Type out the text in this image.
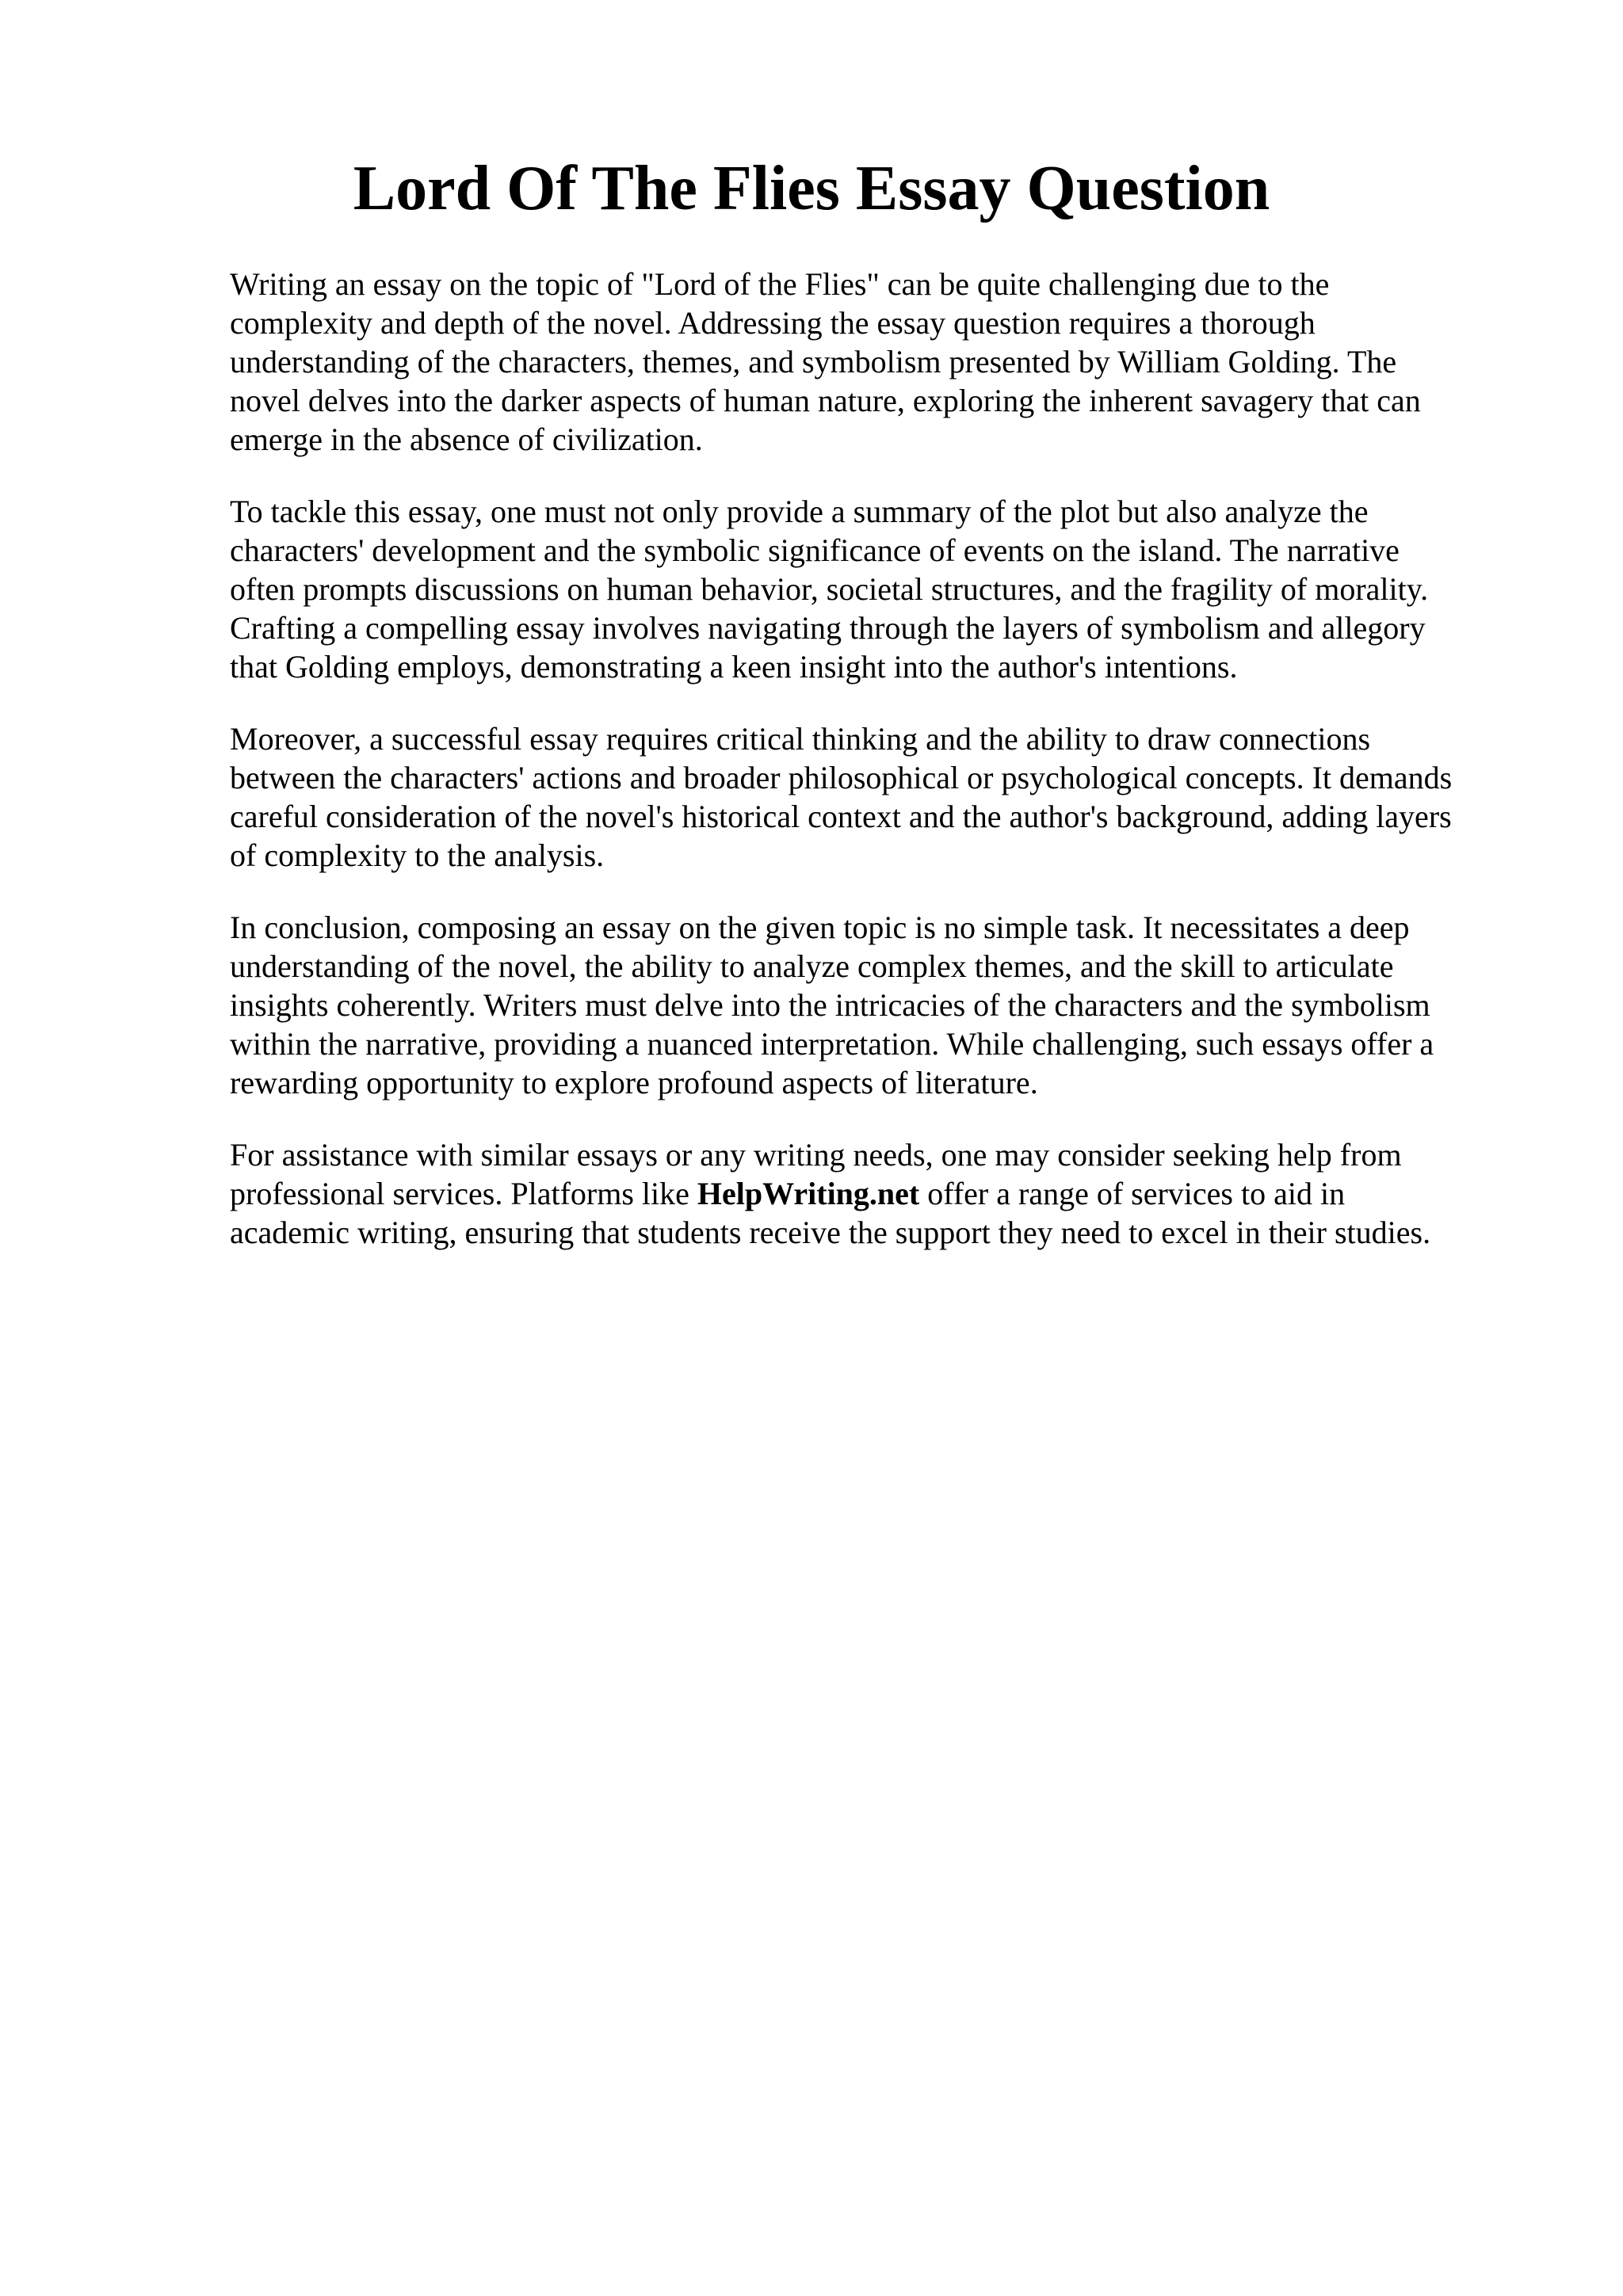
Lord Of The Flies Essay Question

Writing an essay on the topic of "Lord of the Flies" can be quite challenging due to the
complexity and depth of the novel. Addressing the essay question requires a thorough
understanding of the characters, themes, and symbolism presented by William Golding. The
novel delves into the darker aspects of human nature, exploring the inherent savagery that can
emerge in the absence of civilization.

To tackle this essay, one must not only provide a summary of the plot but also analyze the
characters' development and the symbolic significance of events on the island. The narrative
often prompts discussions on human behavior, societal structures, and the fragility of morality.
Crafting a compelling essay involves navigating through the layers of symbolism and allegory
that Golding employs, demonstrating a keen insight into the author's intentions.

Moreover, a successful essay requires critical thinking and the ability to draw connections
between the characters' actions and broader philosophical or psychological concepts. It demands
careful consideration of the novel's historical context and the author's background, adding layers
of complexity to the analysis.

In conclusion, composing an essay on the given topic is no simple task. It necessitates a deep
understanding of the novel, the ability to analyze complex themes, and the skill to articulate
insights coherently. Writers must delve into the intricacies of the characters and the symbolism
within the narrative, providing a nuanced interpretation. While challenging, such essays offer a
rewarding opportunity to explore profound aspects of literature.

For assistance with similar essays or any writing needs, one may consider seeking help from
professional services. Platforms like HelpWriting.net offer a range of services to aid in
academic writing, ensuring that students receive the support they need to excel in their studies.
